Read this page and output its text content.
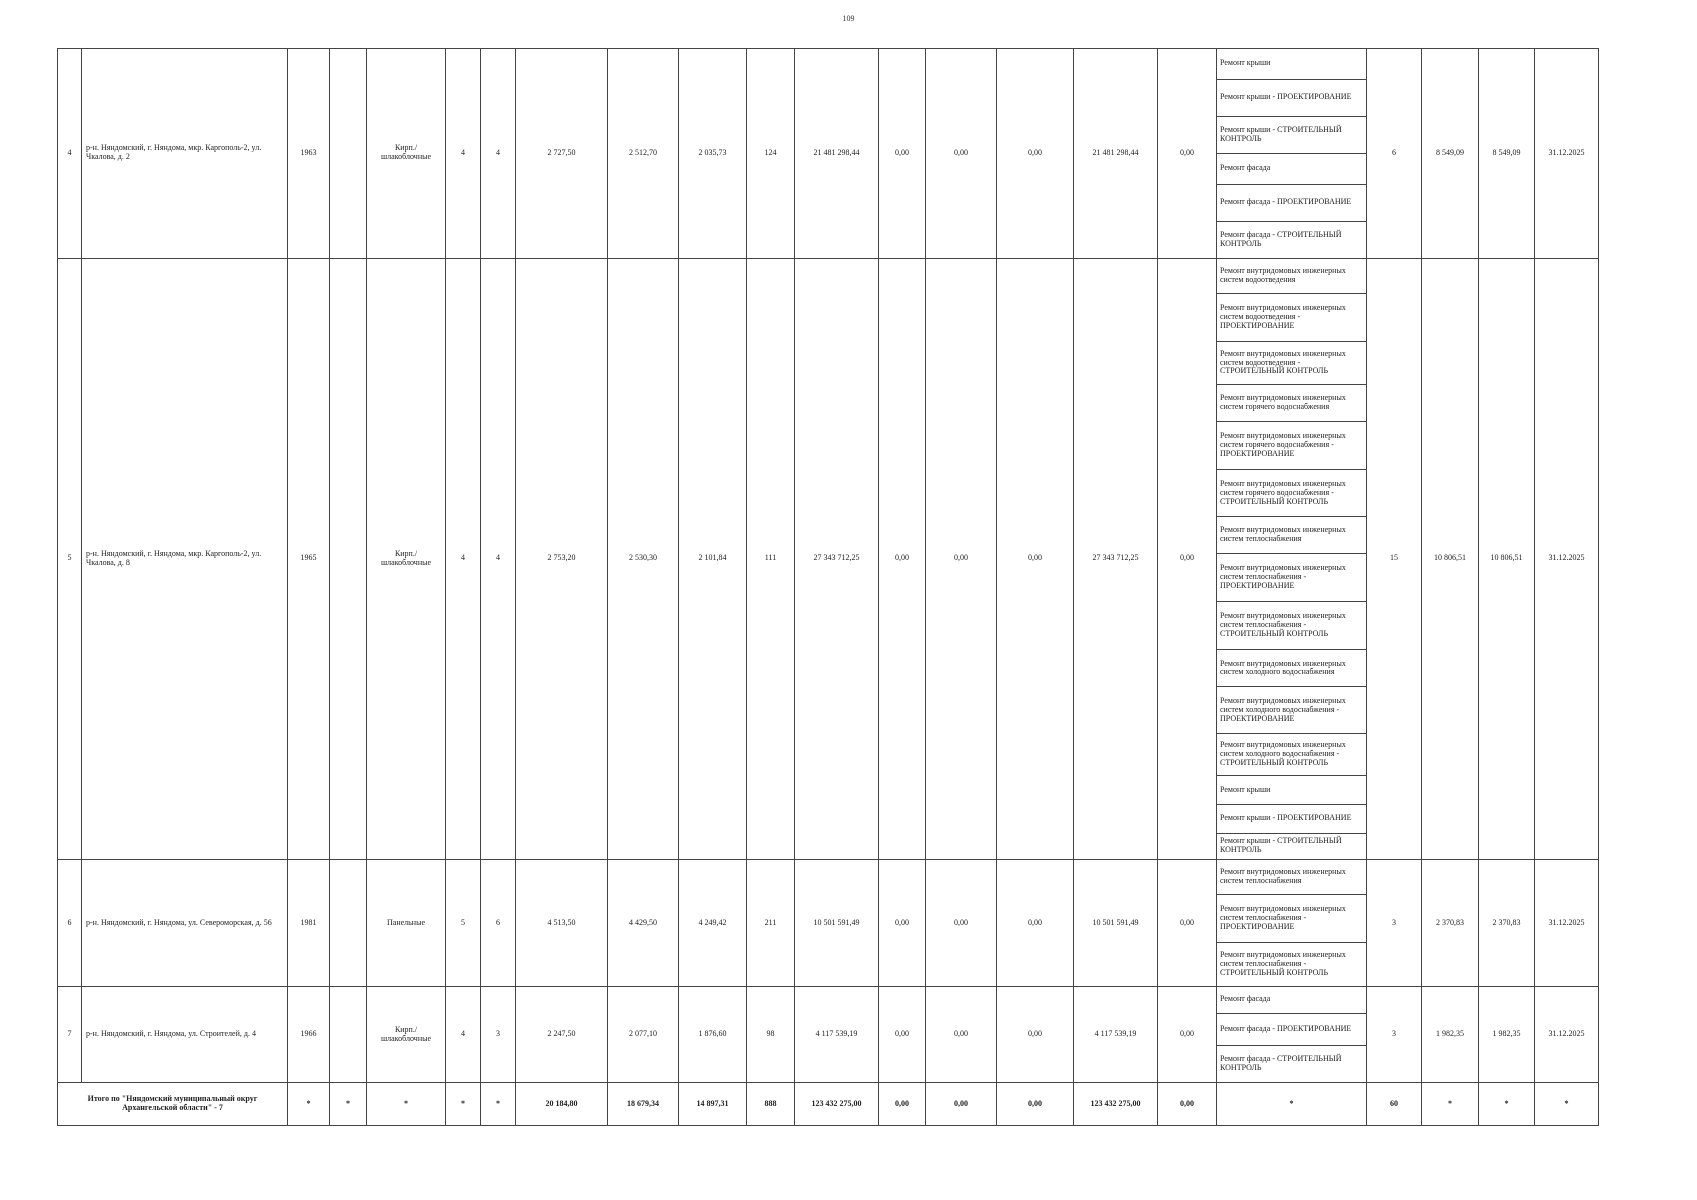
109
4	р-н. Няндомский, г. Няндома, мкр. Каргополь-2, ул. Чкалова, д. 2	1963		Кирп./ шлакоблочные	4	4	2 727,50	2 512,70	2 035,73	124	21 481 298,44	0,00	0,00	0,00	21 481 298,44	0,00	Ремонт крыши	6	8 549,09	8 549,09	31.12.2025
																	Ремонт крыши - ПРОЕКТИРОВАНИЕ				
																	Ремонт крыши - СТРОИТЕЛЬНЫЙ КОНТРОЛЬ				
																	Ремонт фасада				
																	Ремонт фасада - ПРОЕКТИРОВАНИЕ				
																	Ремонт фасада - СТРОИТЕЛЬНЫЙ КОНТРОЛЬ				
5	р-н. Няндомский, г. Няндома, мкр. Каргополь-2, ул. Чкалова, д. 8	1965		Кирп./ шлакоблочные	4	4	2 753,20	2 530,30	2 101,84	111	27 343 712,25	0,00	0,00	0,00	27 343 712,25	0,00	Ремонт внутридомовых инженерных систем водоотведения	15	10 806,51	10 806,51	31.12.2025
																	Ремонт внутридомовых инженерных систем водоотведения - ПРОЕКТИРОВАНИЕ				
																	Ремонт внутридомовых инженерных систем водоотведения - СТРОИТЕЛЬНЫЙ КОНТРОЛЬ				
																	Ремонт внутридомовых инженерных систем горячего водоснабжения				
																	Ремонт внутридомовых инженерных систем горячего водоснабжения - ПРОЕКТИРОВАНИЕ				
																	Ремонт внутридомовых инженерных систем горячего водоснабжения - СТРОИТЕЛЬНЫЙ КОНТРОЛЬ				
																	Ремонт внутридомовых инженерных систем теплоснабжения				
																	Ремонт внутридомовых инженерных систем теплоснабжения - ПРОЕКТИРОВАНИЕ				
																	Ремонт внутридомовых инженерных систем теплоснабжения - СТРОИТЕЛЬНЫЙ КОНТРОЛЬ				
																	Ремонт внутридомовых инженерных систем холодного водоснабжения				
																	Ремонт внутридомовых инженерных систем холодного водоснабжения - ПРОЕКТИРОВАНИЕ				
																	Ремонт внутридомовых инженерных систем холодного водоснабжения - СТРОИТЕЛЬНЫЙ КОНТРОЛЬ				
																	Ремонт крыши				
																	Ремонт крыши - ПРОЕКТИРОВАНИЕ				
																	Ремонт крыши - СТРОИТЕЛЬНЫЙ КОНТРОЛЬ				
6	р-н. Няндомский, г. Няндома, ул. Североморская, д. 56	1981		Панельные	5	6	4 513,50	4 429,50	4 249,42	211	10 501 591,49	0,00	0,00	0,00	10 501 591,49	0,00	Ремонт внутридомовых инженерных систем теплоснабжения	3	2 370,83	2 370,83	31.12.2025
																	Ремонт внутридомовых инженерных систем теплоснабжения - ПРОЕКТИРОВАНИЕ				
																	Ремонт внутридомовых инженерных систем теплоснабжения - СТРОИТЕЛЬНЫЙ КОНТРОЛЬ				
7	р-н. Няндомский, г. Няндома, ул. Строителей, д. 4	1966		Кирп./ шлакоблочные	4	3	2 247,50	2 077,10	1 876,60	98	4 117 539,19	0,00	0,00	0,00	4 117 539,19	0,00	Ремонт фасада	3	1 982,35	1 982,35	31.12.2025
																	Ремонт фасада - ПРОЕКТИРОВАНИЕ				
																	Ремонт фасада - СТРОИТЕЛЬНЫЙ КОНТРОЛЬ				
Итого по "Няндомский муниципальный округ Архангельской области" - 7		*	*	*	*	*	20 184,80	18 679,34	14 897,31	888	123 432 275,00	0,00	0,00	0,00	123 432 275,00	0,00	*	60	*	*	*
